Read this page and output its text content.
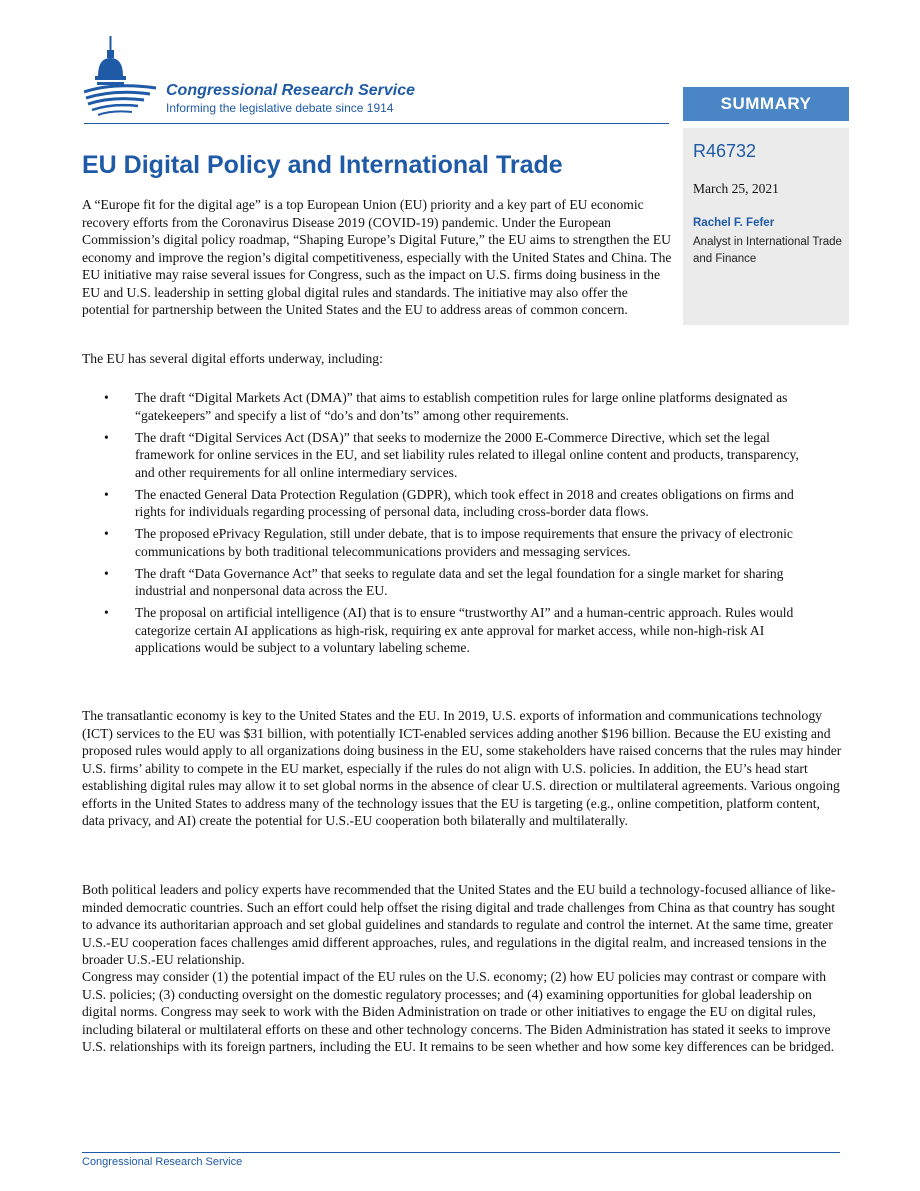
Congressional Research Service
Informing the legislative debate since 1914	SUMMARY
R46732
March 25, 2021
Rachel F. Fefer
Analyst in International Trade and Finance
EU Digital Policy and International Trade

A “Europe fit for the digital age” is a top European Union (EU) priority and a key part of EU economic recovery efforts from the Coronavirus Disease 2019 (COVID-19) pandemic. Under the European Commission’s digital policy roadmap, “Shaping Europe’s Digital Future,” the EU aims to strengthen the EU economy and improve the region’s digital competitiveness, especially with the United States and China. The EU initiative may raise several issues for Congress, such as the impact on U.S. firms doing business in the EU and U.S. leadership in setting global digital rules and standards. The initiative may also offer the potential for partnership between the United States and the EU to address areas of common concern.

The EU has several digital efforts underway, including:

• The draft “Digital Markets Act (DMA)” that aims to establish competition rules for large online platforms designated as “gatekeepers” and specify a list of “do’s and don’ts” among other requirements.
• The draft “Digital Services Act (DSA)” that seeks to modernize the 2000 E-Commerce Directive, which set the legal framework for online services in the EU, and set liability rules related to illegal online content and products, transparency, and other requirements for all online intermediary services.
• The enacted General Data Protection Regulation (GDPR), which took effect in 2018 and creates obligations on firms and rights for individuals regarding processing of personal data, including cross-border data flows.
• The proposed ePrivacy Regulation, still under debate, that is to impose requirements that ensure the privacy of electronic communications by both traditional telecommunications providers and messaging services.
• The draft “Data Governance Act” that seeks to regulate data and set the legal foundation for a single market for sharing industrial and nonpersonal data across the EU.
• The proposal on artificial intelligence (AI) that is to ensure “trustworthy AI” and a human-centric approach. Rules would categorize certain AI applications as high-risk, requiring ex ante approval for market access, while non-high-risk AI applications would be subject to a voluntary labeling scheme.

The transatlantic economy is key to the United States and the EU. In 2019, U.S. exports of information and communications technology (ICT) services to the EU was $31 billion, with potentially ICT-enabled services adding another $196 billion. Because the EU existing and proposed rules would apply to all organizations doing business in the EU, some stakeholders have raised concerns that the rules may hinder U.S. firms’ ability to compete in the EU market, especially if the rules do not align with U.S. policies. In addition, the EU’s head start establishing digital rules may allow it to set global norms in the absence of clear U.S. direction or multilateral agreements. Various ongoing efforts in the United States to address many of the technology issues that the EU is targeting (e.g., online competition, platform content, data privacy, and AI) create the potential for U.S.-EU cooperation both bilaterally and multilaterally.

Both political leaders and policy experts have recommended that the United States and the EU build a technology-focused alliance of like-minded democratic countries. Such an effort could help offset the rising digital and trade challenges from China as that country has sought to advance its authoritarian approach and set global guidelines and standards to regulate and control the internet. At the same time, greater U.S.-EU cooperation faces challenges amid different approaches, rules, and regulations in the digital realm, and increased tensions in the broader U.S.-EU relationship.

Congress may consider (1) the potential impact of the EU rules on the U.S. economy; (2) how EU policies may contrast or compare with U.S. policies; (3) conducting oversight on the domestic regulatory processes; and (4) examining opportunities for global leadership on digital norms. Congress may seek to work with the Biden Administration on trade or other initiatives to engage the EU on digital rules, including bilateral or multilateral efforts on these and other technology concerns. The Biden Administration has stated it seeks to improve U.S. relationships with its foreign partners, including the EU. It remains to be seen whether and how some key differences can be bridged.

Congressional Research Service
